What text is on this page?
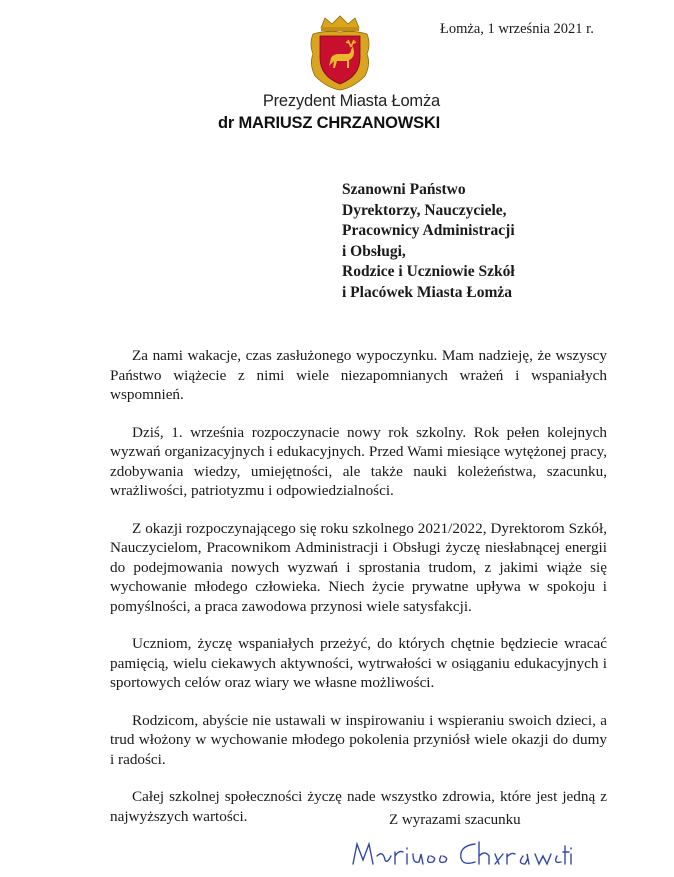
Łomża, 1 września 2021 r.
Prezydent Miasta Łomża
dr MARIUSZ CHRZANOWSKI
Szanowni Państwo
Dyrektorzy, Nauczyciele,
Pracownicy Administracji
i Obsługi,
Rodzice i Uczniowie Szkół
i Placówek Miasta Łomża

Za nami wakacje, czas zasłużonego wypoczynku. Mam nadzieję, że wszyscy Państwo wiążecie z nimi wiele niezapomnianych wrażeń i wspaniałych wspomnień.

Dziś, 1. września rozpoczynacie nowy rok szkolny. Rok pełen kolejnych wyzwań organizacyjnych i edukacyjnych. Przed Wami miesiące wytężonej pracy, zdobywania wiedzy, umiejętności, ale także nauki koleżeństwa, szacunku, wrażliwości, patriotyzmu i odpowiedzialności.

Z okazji rozpoczynającego się roku szkolnego 2021/2022, Dyrektorom Szkół, Nauczycielom, Pracownikom Administracji i Obsługi życzę niesłabnącej energii do podejmowania nowych wyzwań i sprostania trudom, z jakimi wiąże się wychowanie młodego człowieka. Niech życie prywatne upływa w spokoju i pomyślności, a praca zawodowa przynosi wiele satysfakcji.

Uczniom, życzę wspaniałych przeżyć, do których chętnie będziecie wracać pamięcią, wielu ciekawych aktywności, wytrwałości w osiąganiu edukacyjnych i sportowych celów oraz wiary we własne możliwości.

Rodzicom, abyście nie ustawali w inspirowaniu i wspieraniu swoich dzieci, a trud włożony w wychowanie młodego pokolenia przyniósł wiele okazji do dumy i radości.

Całej szkolnej społeczności życzę nade wszystko zdrowia, które jest jedną z najwyższych wartości.	Z wyrazami szacunku
